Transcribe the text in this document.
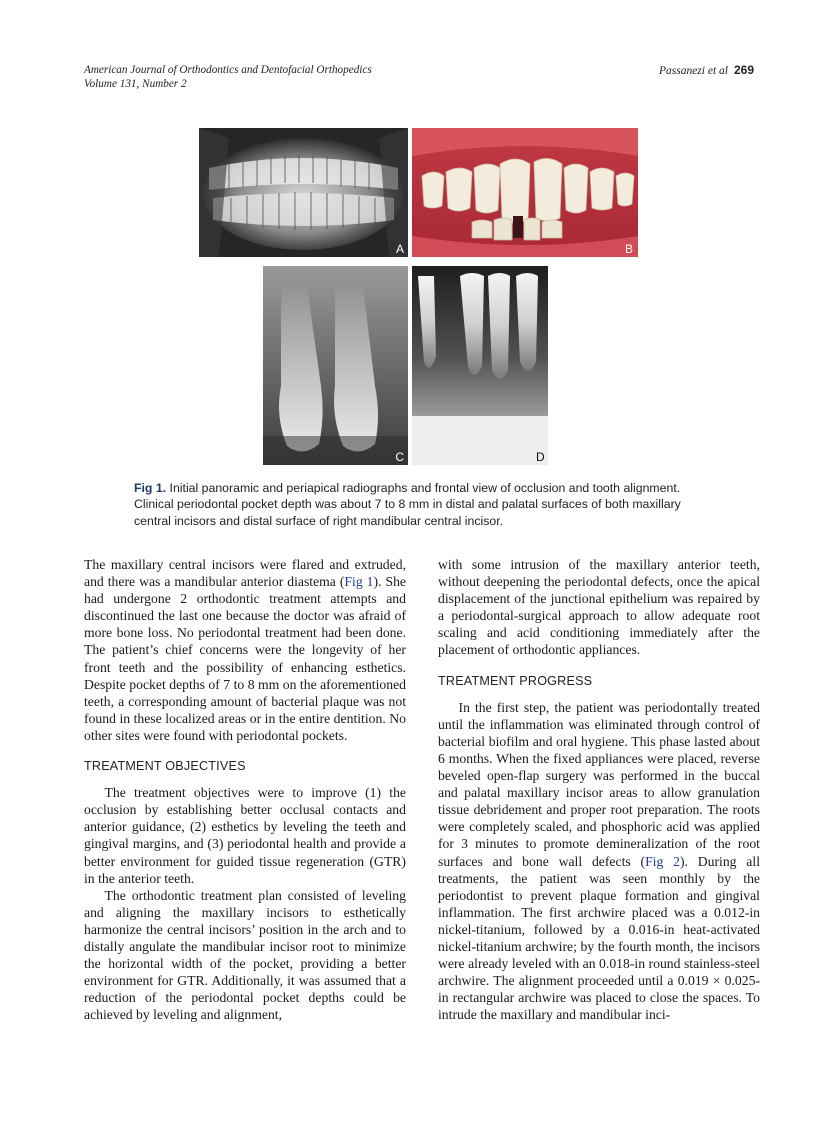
American Journal of Orthodontics and Dentofacial Orthopedics
Volume 131, Number 2
Passanezi et al 269
A	B
C	D
Fig 1. Initial panoramic and periapical radiographs and frontal view of occlusion and tooth alignment. Clinical periodontal pocket depth was about 7 to 8 mm in distal and palatal surfaces of both maxillary central incisors and distal surface of right mandibular central incisor.

The maxillary central incisors were flared and extruded, and there was a mandibular anterior diastema (Fig 1). She had undergone 2 orthodontic treatment attempts and discontinued the last one because the doctor was afraid of more bone loss. No periodontal treatment had been done. The patient’s chief concerns were the longevity of her front teeth and the possibility of enhancing esthetics. Despite pocket depths of 7 to 8 mm on the aforementioned teeth, a corresponding amount of bacterial plaque was not found in these localized areas or in the entire dentition. No other sites were found with periodontal pockets.

TREATMENT OBJECTIVES

The treatment objectives were to improve (1) the occlusion by establishing better occlusal contacts and anterior guidance, (2) esthetics by leveling the teeth and gingival margins, and (3) periodontal health and provide a better environment for guided tissue regeneration (GTR) in the anterior teeth.

The orthodontic treatment plan consisted of leveling and aligning the maxillary incisors to esthetically harmonize the central incisors’ position in the arch and to distally angulate the mandibular incisor root to minimize the horizontal width of the pocket, providing a better environment for GTR. Additionally, it was assumed that a reduction of the periodontal pocket depths could be achieved by leveling and alignment,

with some intrusion of the maxillary anterior teeth, without deepening the periodontal defects, once the apical displacement of the junctional epithelium was repaired by a periodontal-surgical approach to allow adequate root scaling and acid conditioning immediately after the placement of orthodontic appliances.

TREATMENT PROGRESS

In the first step, the patient was periodontally treated until the inflammation was eliminated through control of bacterial biofilm and oral hygiene. This phase lasted about 6 months. When the fixed appliances were placed, reverse beveled open-flap surgery was performed in the buccal and palatal maxillary incisor areas to allow granulation tissue debridement and proper root preparation. The roots were completely scaled, and phosphoric acid was applied for 3 minutes to promote demineralization of the root surfaces and bone wall defects (Fig 2). During all treatments, the patient was seen monthly by the periodontist to prevent plaque formation and gingival inflammation. The first archwire placed was a 0.012-in nickel-titanium, followed by a 0.016-in heat-activated nickel-titanium archwire; by the fourth month, the incisors were already leveled with an 0.018-in round stainless-steel archwire. The alignment proceeded until a 0.019 × 0.025-in rectangular archwire was placed to close the spaces. To intrude the maxillary and mandibular inci-
